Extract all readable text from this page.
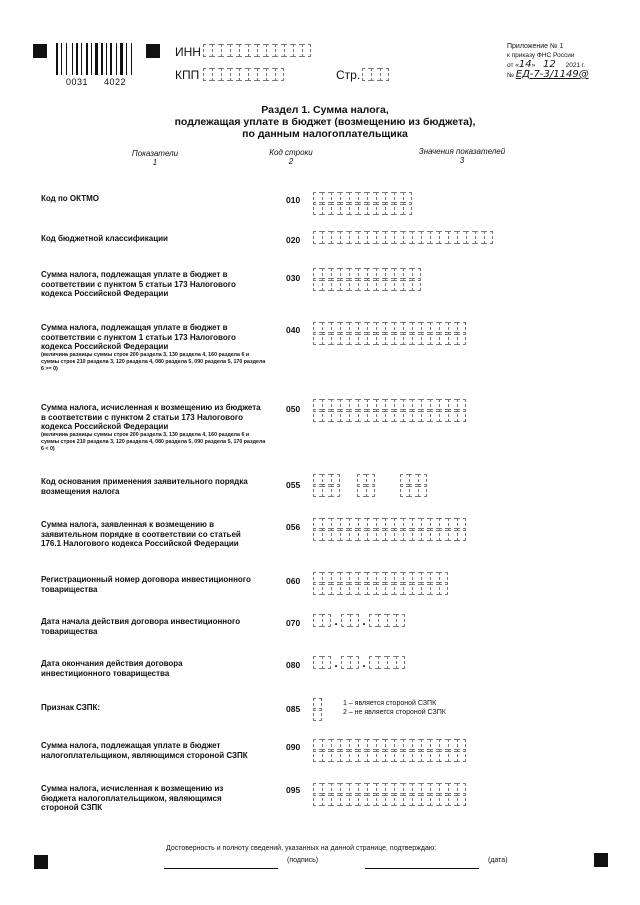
0031 4022
ИНН
КПП	Стр.
Приложение № 1
к приказу ФНС России
от «14» 12 2021 г.
№ ЕД-7-3/1149@
Раздел 1. Сумма налога,
подлежащая уплате в бюджет (возмещению из бюджета),
по данным налогоплательщика
Показатели
1
Код строки
2
Значения показателей
3
Код по ОКТМО	010
Код бюджетной классификации	020
Сумма налога, подлежащая уплате в бюджет в соответствии с пунктом 5 статьи 173 Налогового кодекса Российской Федерации
030
Сумма налога, подлежащая уплате в бюджет в соответствии с пунктом 1 статьи 173 Налогового кодекса Российской Федерации
(величина разницы суммы строк 200 раздела 3, 130 раздела 4, 160 раздела 6 и суммы строк 210 раздела 3, 120 раздела 4, 080 раздела 5, 090 раздела 5, 170 раздела 6 >= 0)
040
Сумма налога, исчисленная к возмещению из бюджета в соответствии с пунктом 2 статьи 173 Налогового кодекса Российской Федерации
(величина разницы суммы строк 200 раздела 3, 130 раздела 4, 160 раздела 6 и суммы строк 210 раздела 3, 120 раздела 4, 080 раздела 5, 090 раздела 5, 170 раздела 6 < 0)
050
Код основания применения заявительного порядка возмещения налога
055
Сумма налога, заявленная к возмещению в заявительном порядке в соответствии со статьей 176.1 Налогового кодекса Российской Федерации
056
Регистрационный номер договора инвестиционного товарищества
060
Дата начала действия договора инвестиционного товарищества
070	. .
Дата окончания действия договора инвестиционного товарищества
080	. .
Признак СЗПК:	085
1 – является стороной СЗПК
2 – не является стороной СЗПК
Сумма налога, подлежащая уплате в бюджет налогоплательщиком, являющимся стороной СЗПК
090
Сумма налога, исчисленная к возмещению из бюджета налогоплательщиком, являющимся стороной СЗПК
095
Достоверность и полноту сведений, указанных на данной странице, подтверждаю:
(подпись)	(дата)
